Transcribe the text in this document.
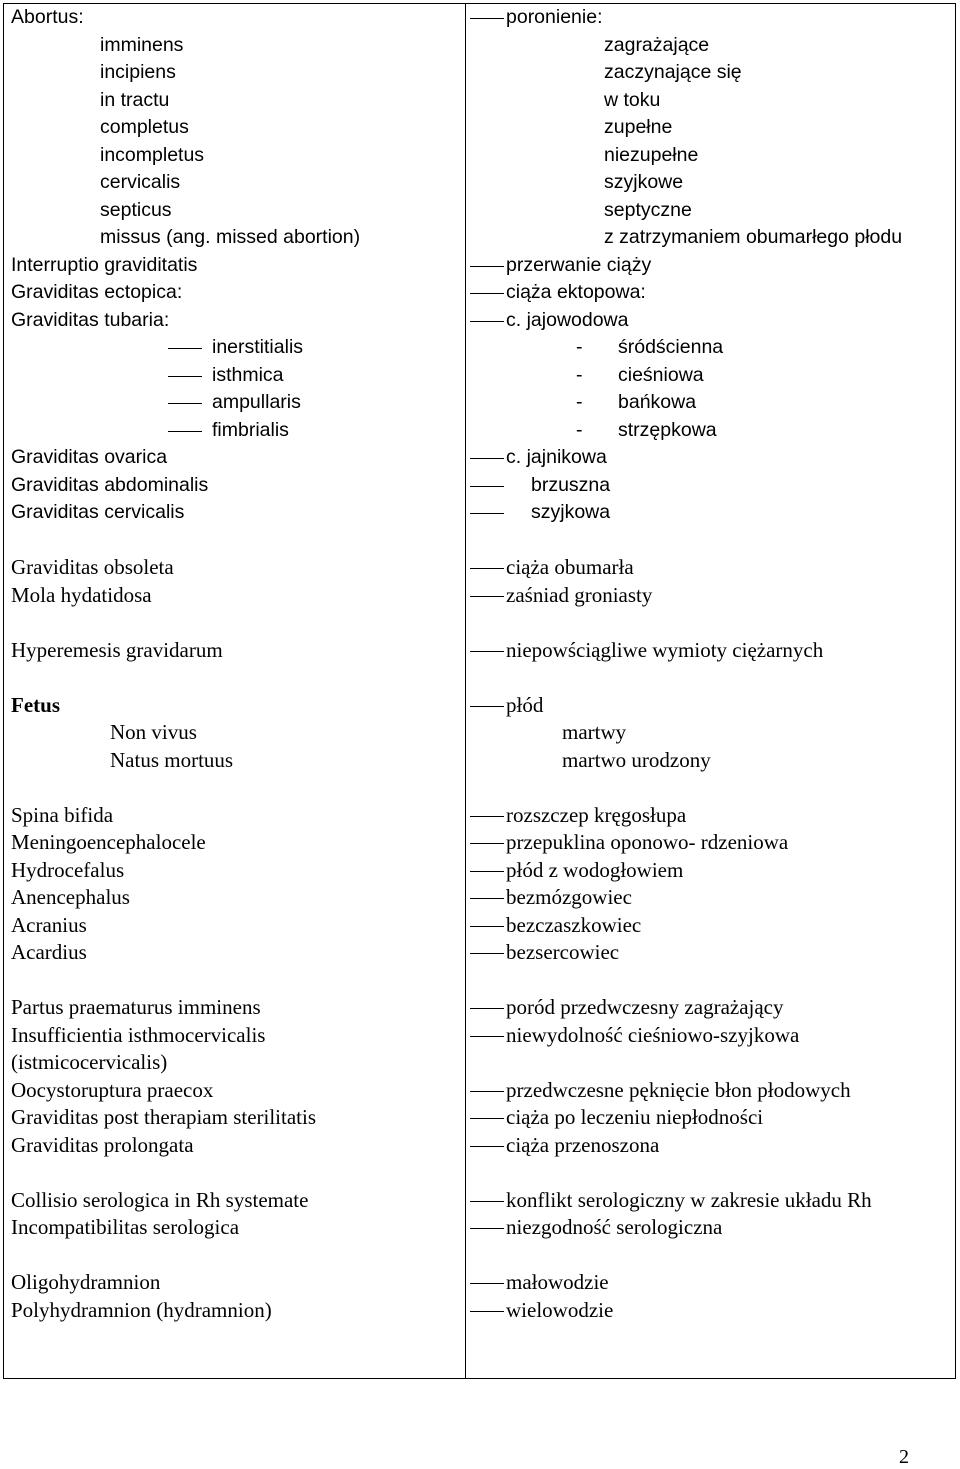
Abortus:
imminens
incipiens
in tractu
completus
incompletus
cervicalis
septicus
missus (ang. missed abortion)
Interruptio graviditatis
Graviditas ectopica:
Graviditas tubaria:
inerstitialis
isthmica
ampullaris
fimbrialis
Graviditas ovarica
Graviditas abdominalis
Graviditas cervicalis
Graviditas obsoleta
Mola hydatidosa
Hyperemesis gravidarum
Fetus
Non vivus
Natus mortuus
Spina bifida
Meningoencephalocele
Hydrocefalus
Anencephalus
Acranius
Acardius
Partus praematurus imminens
Insufficientia isthmocervicalis
(istmicocervicalis)
Oocystoruptura praecox
Graviditas post therapiam sterilitatis
Graviditas prolongata
Collisio serologica in Rh systemate
Incompatibilitas serologica
Oligohydramnion
Polyhydramnion (hydramnion)
poronienie:
zagrażające
zaczynające się
w toku
zupełne
niezupełne
szyjkowe
septyczne
z zatrzymaniem obumarłego płodu
przerwanie ciąży
ciąża ektopowa:
c. jajowodowa
- śródścienna
- cieśniowa
- bańkowa
- strzępkowa
c. jajnikowa
brzuszna
szyjkowa
ciąża obumarła
zaśniad groniasty
niepowściągliwe wymioty ciężarnych
płód
martwy
martwo urodzony
rozszczep kręgosłupa
przepuklina oponowo- rdzeniowa
płód z wodogłowiem
bezmózgowiec
bezczaszkowiec
bezsercowiec
poród przedwczesny zagrażający
niewydolność cieśniowo-szyjkowa
przedwczesne pęknięcie błon płodowych
ciąża po leczeniu niepłodności
ciąża przenoszona
konflikt serologiczny w zakresie układu Rh
niezgodność serologiczna
małowodzie
wielowodzie
2
